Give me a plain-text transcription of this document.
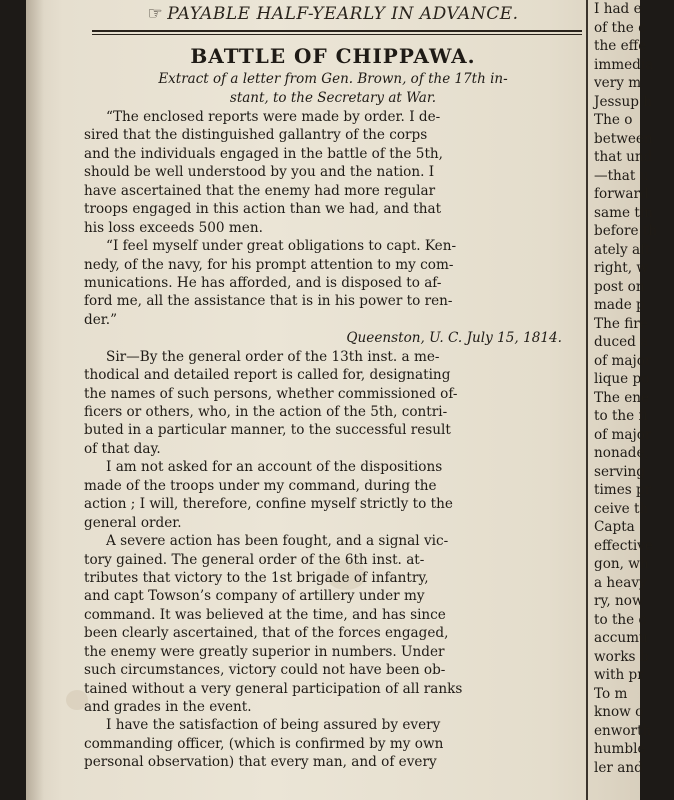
☞ PAYABLE HALF-YEARLY IN ADVANCE.
BATTLE OF CHIPPAWA.
Extract of a letter from Gen. Brown, of the 17th in-
stant, to the Secretary at War.
“The enclosed reports were made by order. I de-
sired that the distinguished gallantry of the corps
and the individuals engaged in the battle of the 5th,
should be well understood by you and the nation. I
have ascertained that the enemy had more regular
troops engaged in this action than we had, and that
his loss exceeds 500 men.
“I feel myself under great obligations to capt. Ken-
nedy, of the navy, for his prompt attention to my com-
munications. He has afforded, and is disposed to af-
ford me, all the assistance that is in his power to ren-
der.”
Queenston, U. C. July 15, 1814.
Sir—By the general order of the 13th inst. a me-
thodical and detailed report is called for, designating
the names of such persons, whether commissioned of-
ficers or others, who, in the action of the 5th, contri-
buted in a particular manner, to the successful result
of that day.
I am not asked for an account of the dispositions
made of the troops under my command, during the
action ; I will, therefore, confine myself strictly to the
general order.
A severe action has been fought, and a signal vic-
tory gained. The general order of the 6th inst. at-
tributes that victory to the 1st brigade of infantry,
and capt Towson’s company of artillery under my
command. It was believed at the time, and has since
been clearly ascertained, that of the forces engaged,
the enemy were greatly superior in numbers. Under
such circumstances, victory could not have been ob-
tained without a very general participation of all ranks
and grades in the event.
I have the satisfaction of being assured by every
commanding officer, (which is confirmed by my own
personal observation) that every man, and of every
I had e
of the c
the effe
immedia
very m
Jessup h
The o
between
that und
—that u
forward
same tin
before th
ately aft
right, w
post on
made p
The fire
duced a
of major
lique po
The ene
to the fi
of major
nonade,
serving
times pr
ceive th
Capta
effective
gon, wh
a heavy
ry, now
to the c
accumu
works b
with pr
To m
know o
enworth
humble
ler and
